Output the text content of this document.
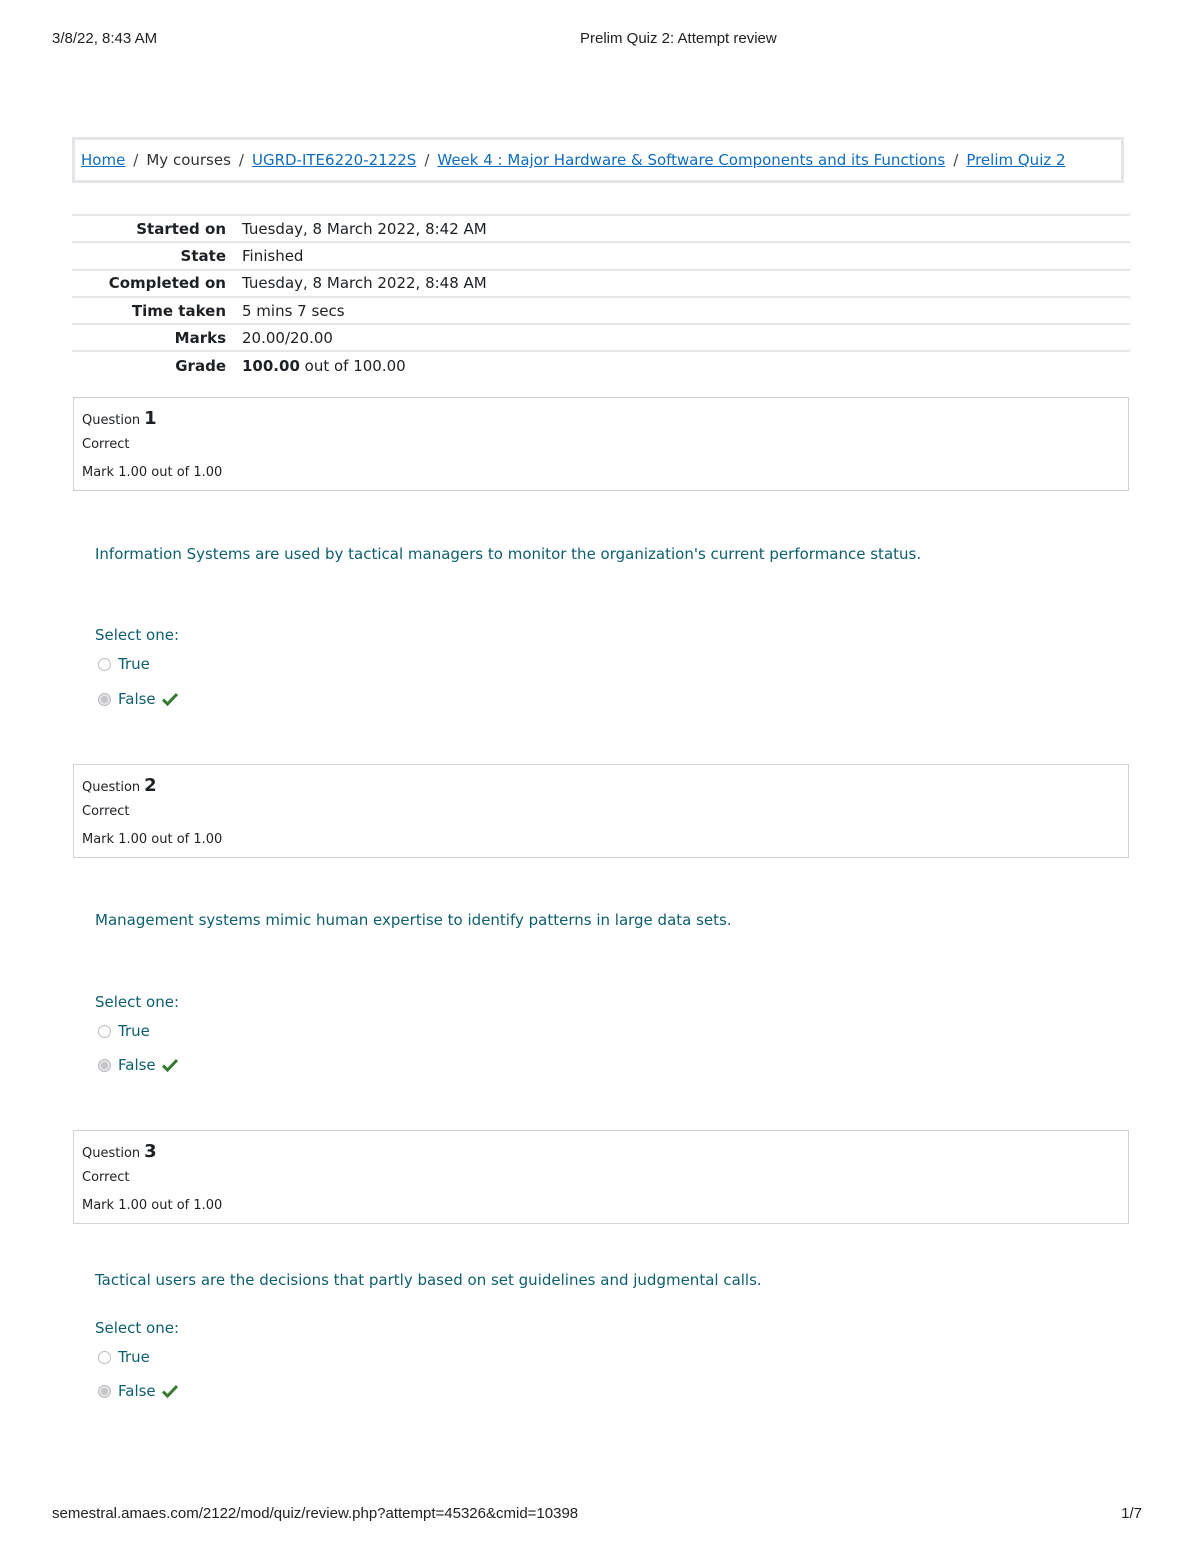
3/8/22, 8:43 AM	Prelim Quiz 2: Attempt review
Home / My courses / UGRD-ITE6220-2122S / Week 4 : Major Hardware & Software Components and its Functions / Prelim Quiz 2
Started on	Tuesday, 8 March 2022, 8:42 AM
State	Finished
Completed on	Tuesday, 8 March 2022, 8:48 AM
Time taken	5 mins 7 secs
Marks	20.00/20.00
Grade	100.00 out of 100.00
Question 1
Correct
Mark 1.00 out of 1.00
Information Systems are used by tactical managers to monitor the organization's current performance status.
Select one:
True
False
Question 2
Correct
Mark 1.00 out of 1.00
Management systems mimic human expertise to identify patterns in large data sets.
Select one:
True
False
Question 3
Correct
Mark 1.00 out of 1.00
Tactical users are the decisions that partly based on set guidelines and judgmental calls.
Select one:
True
False
semestral.amaes.com/2122/mod/quiz/review.php?attempt=45326&cmid=10398	1/7
